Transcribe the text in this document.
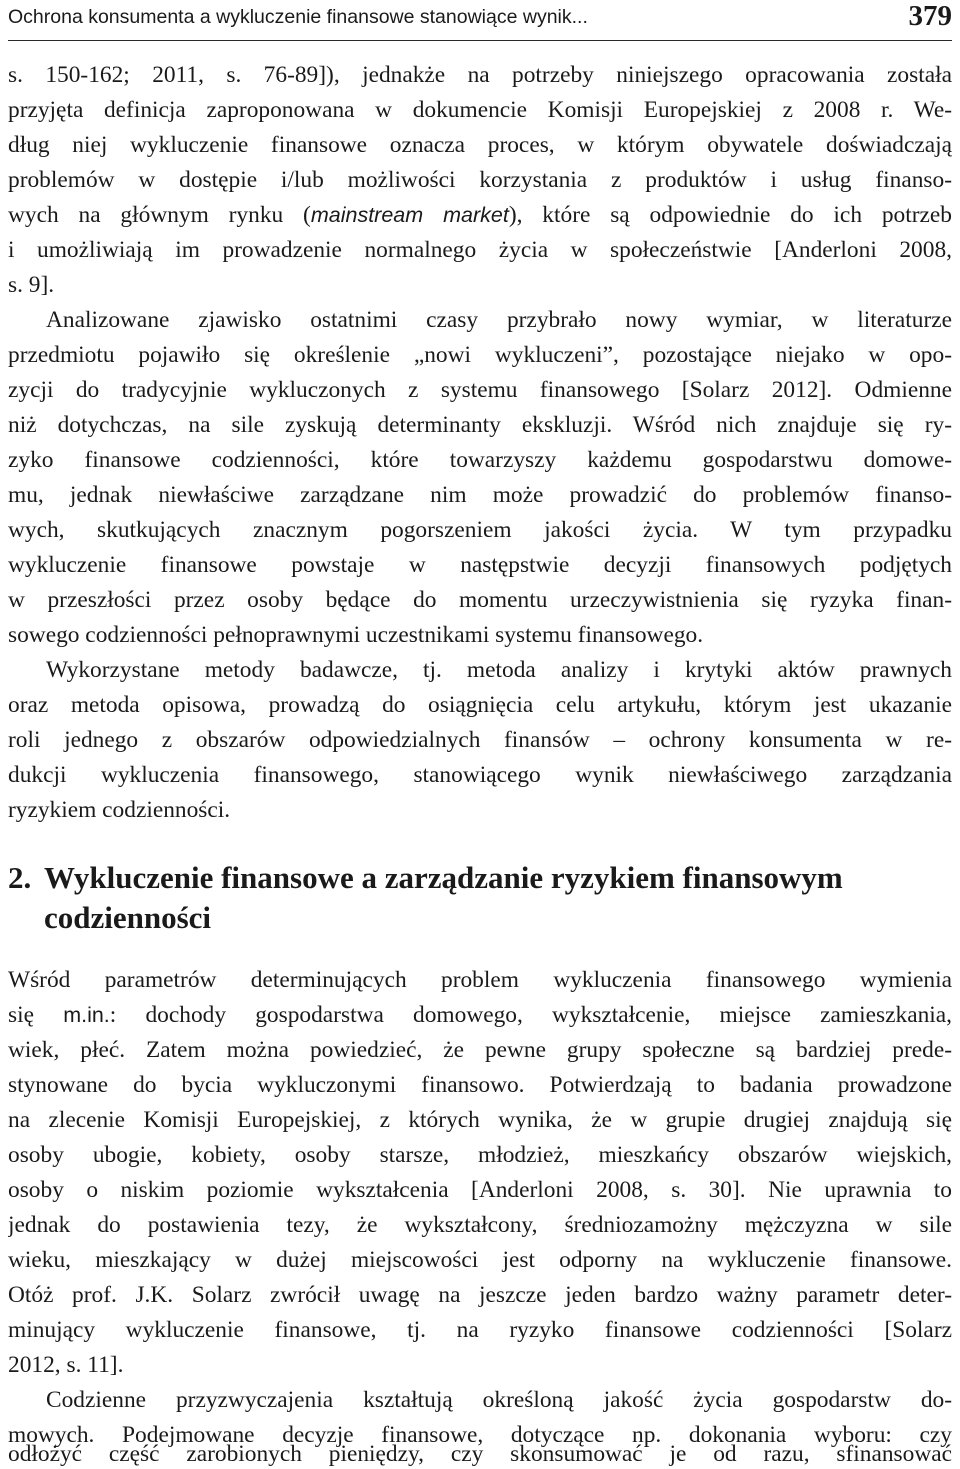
Ochrona konsumenta a wykluczenie finansowe stanowiące wynik...	379
s. 150-162; 2011, s. 76-89]), jednakże na potrzeby niniejszego opracowania została
przyjęta definicja zaproponowana w dokumencie Komisji Europejskiej z 2008 r. We-
dług niej wykluczenie finansowe oznacza proces, w którym obywatele doświadczają
problemów w dostępie i/lub możliwości korzystania z produktów i usług finanso-
wych na głównym rynku (mainstream market), które są odpowiednie do ich potrzeb
i umożliwiają im prowadzenie normalnego życia w społeczeństwie [Anderloni 2008,
s. 9].
Analizowane zjawisko ostatnimi czasy przybrało nowy wymiar, w literaturze
przedmiotu pojawiło się określenie „nowi wykluczeni”, pozostające niejako w opo-
zycji do tradycyjnie wykluczonych z systemu finansowego [Solarz 2012]. Odmienne
niż dotychczas, na sile zyskują determinanty ekskluzji. Wśród nich znajduje się ry-
zyko finansowe codzienności, które towarzyszy każdemu gospodarstwu domowe-
mu, jednak niewłaściwe zarządzane nim może prowadzić do problemów finanso-
wych, skutkujących znacznym pogorszeniem jakości życia. W tym przypadku
wykluczenie finansowe powstaje w następstwie decyzji finansowych podjętych
w przeszłości przez osoby będące do momentu urzeczywistnienia się ryzyka finan-
sowego codzienności pełnoprawnymi uczestnikami systemu finansowego.
Wykorzystane metody badawcze, tj. metoda analizy i krytyki aktów prawnych
oraz metoda opisowa, prowadzą do osiągnięcia celu artykułu, którym jest ukazanie
roli jednego z obszarów odpowiedzialnych finansów – ochrony konsumenta w re-
dukcji wykluczenia finansowego, stanowiącego wynik niewłaściwego zarządzania
ryzykiem codzienności.
2. Wykluczenie finansowe a zarządzanie ryzykiem finansowym
codzienności
Wśród parametrów determinujących problem wykluczenia finansowego wymienia
się m.in.: dochody gospodarstwa domowego, wykształcenie, miejsce zamieszkania,
wiek, płeć. Zatem można powiedzieć, że pewne grupy społeczne są bardziej prede-
stynowane do bycia wykluczonymi finansowo. Potwierdzają to badania prowadzone
na zlecenie Komisji Europejskiej, z których wynika, że w grupie drugiej znajdują się
osoby ubogie, kobiety, osoby starsze, młodzież, mieszkańcy obszarów wiejskich,
osoby o niskim poziomie wykształcenia [Anderloni 2008, s. 30]. Nie uprawnia to
jednak do postawienia tezy, że wykształcony, średniozamożny mężczyzna w sile
wieku, mieszkający w dużej miejscowości jest odporny na wykluczenie finansowe.
Otóż prof. J.K. Solarz zwrócił uwagę na jeszcze jeden bardzo ważny parametr deter-
minujący wykluczenie finansowe, tj. na ryzyko finansowe codzienności [Solarz
2012, s. 11].
Codzienne przyzwyczajenia kształtują określoną jakość życia gospodarstw do-
mowych. Podejmowane decyzje finansowe, dotyczące np. dokonania wyboru: czy
odłożyć część zarobionych pieniędzy, czy skonsumować je od razu, sfinansować
